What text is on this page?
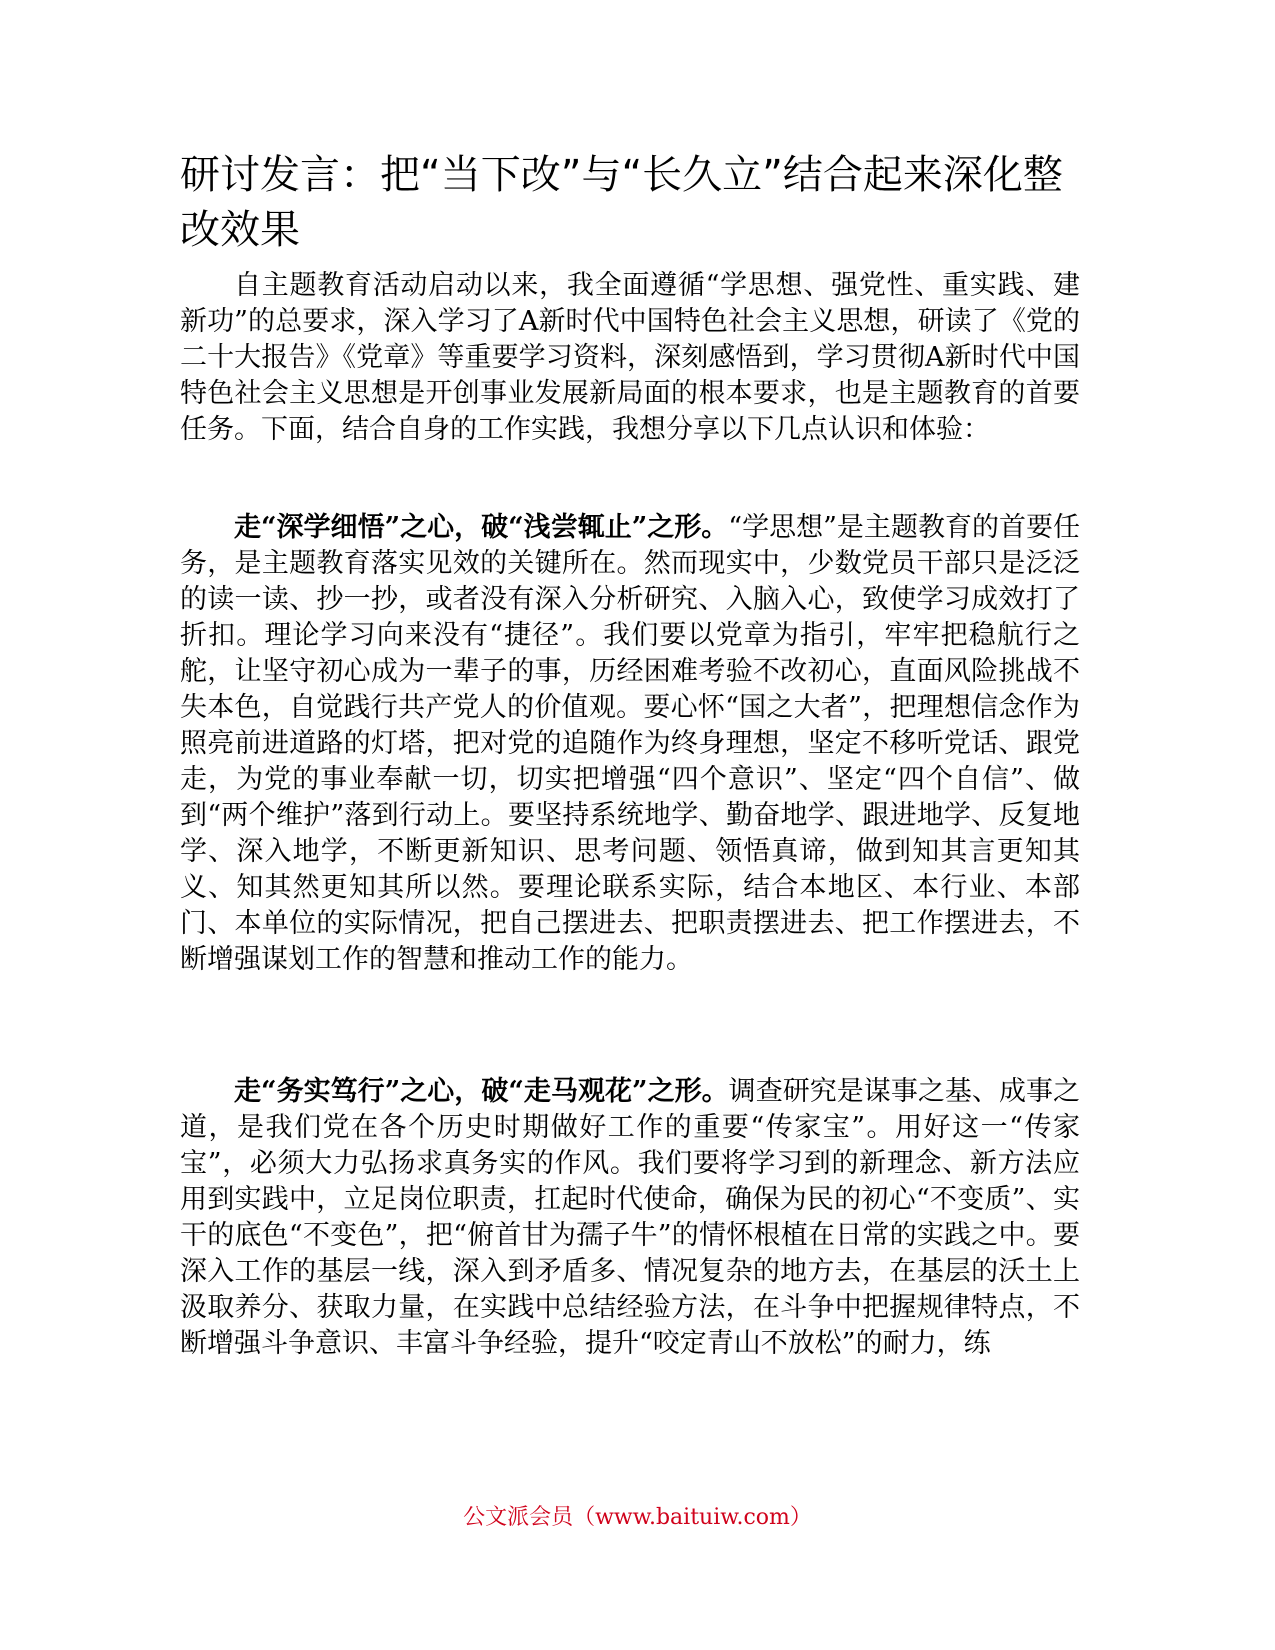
研讨发言：把“当下改”与“长久立”结合起来深化整改效果

自主题教育活动启动以来，我全面遵循“学思想、强党性、重实践、建新功”的总要求，深入学习了A新时代中国特色社会主义思想，研读了《党的二十大报告》《党章》等重要学习资料，深刻感悟到，学习贯彻A新时代中国特色社会主义思想是开创事业发展新局面的根本要求，也是主题教育的首要任务。下面，结合自身的工作实践，我想分享以下几点认识和体验：

走“深学细悟”之心，破“浅尝辄止”之形。“学思想”是主题教育的首要任务，是主题教育落实见效的关键所在。然而现实中，少数党员干部只是泛泛的读一读、抄一抄，或者没有深入分析研究、入脑入心，致使学习成效打了折扣。理论学习向来没有“捷径”。我们要以党章为指引，牢牢把稳航行之舵，让坚守初心成为一辈子的事，历经困难考验不改初心，直面风险挑战不失本色，自觉践行共产党人的价值观。要心怀“国之大者”，把理想信念作为照亮前进道路的灯塔，把对党的追随作为终身理想，坚定不移听党话、跟党走，为党的事业奉献一切，切实把增强“四个意识”、坚定“四个自信”、做到“两个维护”落到行动上。要坚持系统地学、勤奋地学、跟进地学、反复地学、深入地学，不断更新知识、思考问题、领悟真谛，做到知其言更知其义、知其然更知其所以然。要理论联系实际，结合本地区、本行业、本部门、本单位的实际情况，把自己摆进去、把职责摆进去、把工作摆进去，不断增强谋划工作的智慧和推动工作的能力。

走“务实笃行”之心，破“走马观花”之形。调查研究是谋事之基、成事之道，是我们党在各个历史时期做好工作的重要“传家宝”。用好这一“传家宝”，必须大力弘扬求真务实的作风。我们要将学习到的新理念、新方法应用到实践中，立足岗位职责，扛起时代使命，确保为民的初心“不变质”、实干的底色“不变色”，把“俯首甘为孺子牛”的情怀根植在日常的实践之中。要深入工作的基层一线，深入到矛盾多、情况复杂的地方去，在基层的沃土上汲取养分、获取力量，在实践中总结经验方法，在斗争中把握规律特点，不断增强斗争意识、丰富斗争经验，提升“咬定青山不放松”的耐力，练

公文派会员（www.baituiw.com）
